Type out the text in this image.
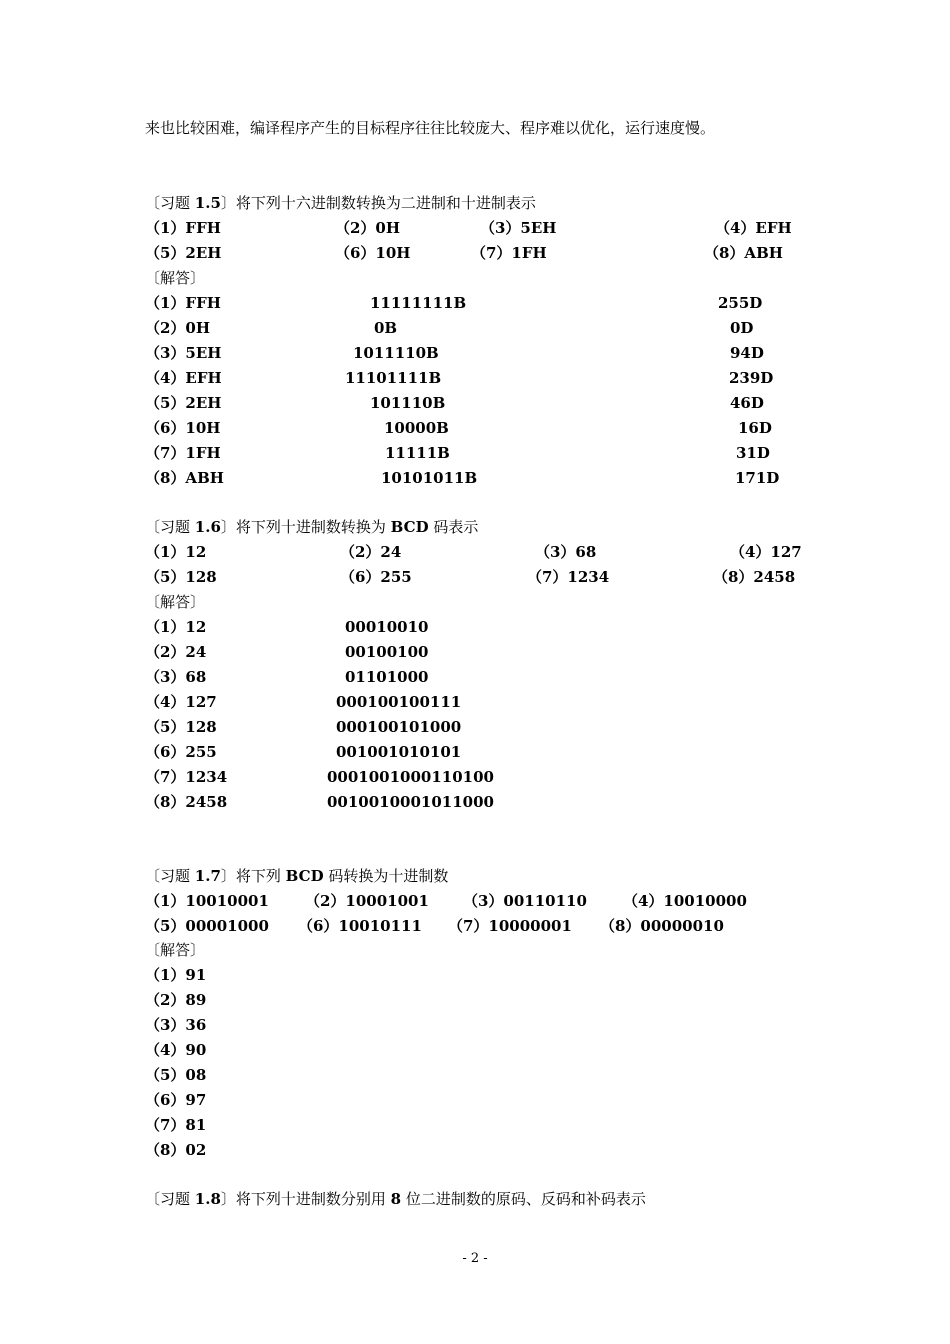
来也比较困难，编译程序产生的目标程序往往比较庞大、程序难以优化，运行速度慢。
〔习题 1.5〕将下列十六进制数转换为二进制和十进制表示
（1）FFH	（2）0H	（3）5EH	（4）EFH
（5）2EH	（6）10H	（7）1FH	（8）ABH
〔解答〕
（1）FFH	11111111B	255D
（2）0H	0B	0D
（3）5EH	1011110B	94D
（4）EFH	11101111B	239D
（5）2EH	101110B	46D
（6）10H	10000B	16D
（7）1FH	11111B	31D
（8）ABH	10101011B	171D
〔习题 1.6〕将下列十进制数转换为 BCD 码表示
（1）12	（2）24	（3）68	（4）127
（5）128	（6）255	（7）1234	（8）2458
〔解答〕
（1）12	00010010
（2）24	00100100
（3）68	01101000
（4）127	000100100111
（5）128	000100101000
（6）255	001001010101
（7）1234	0001001000110100
（8）2458	0010010001011000
〔习题 1.7〕将下列 BCD 码转换为十进制数
（1）10010001 （2）10001001 （3）00110110 （4）10010000
（5）00001000 （6）10010111 （7）10000001 （8）00000010
〔解答〕
（1）91
（2）89
（3）36
（4）90
（5）08
（6）97
（7）81
（8）02
〔习题 1.8〕将下列十进制数分别用 8 位二进制数的原码、反码和补码表示
- 2 -
